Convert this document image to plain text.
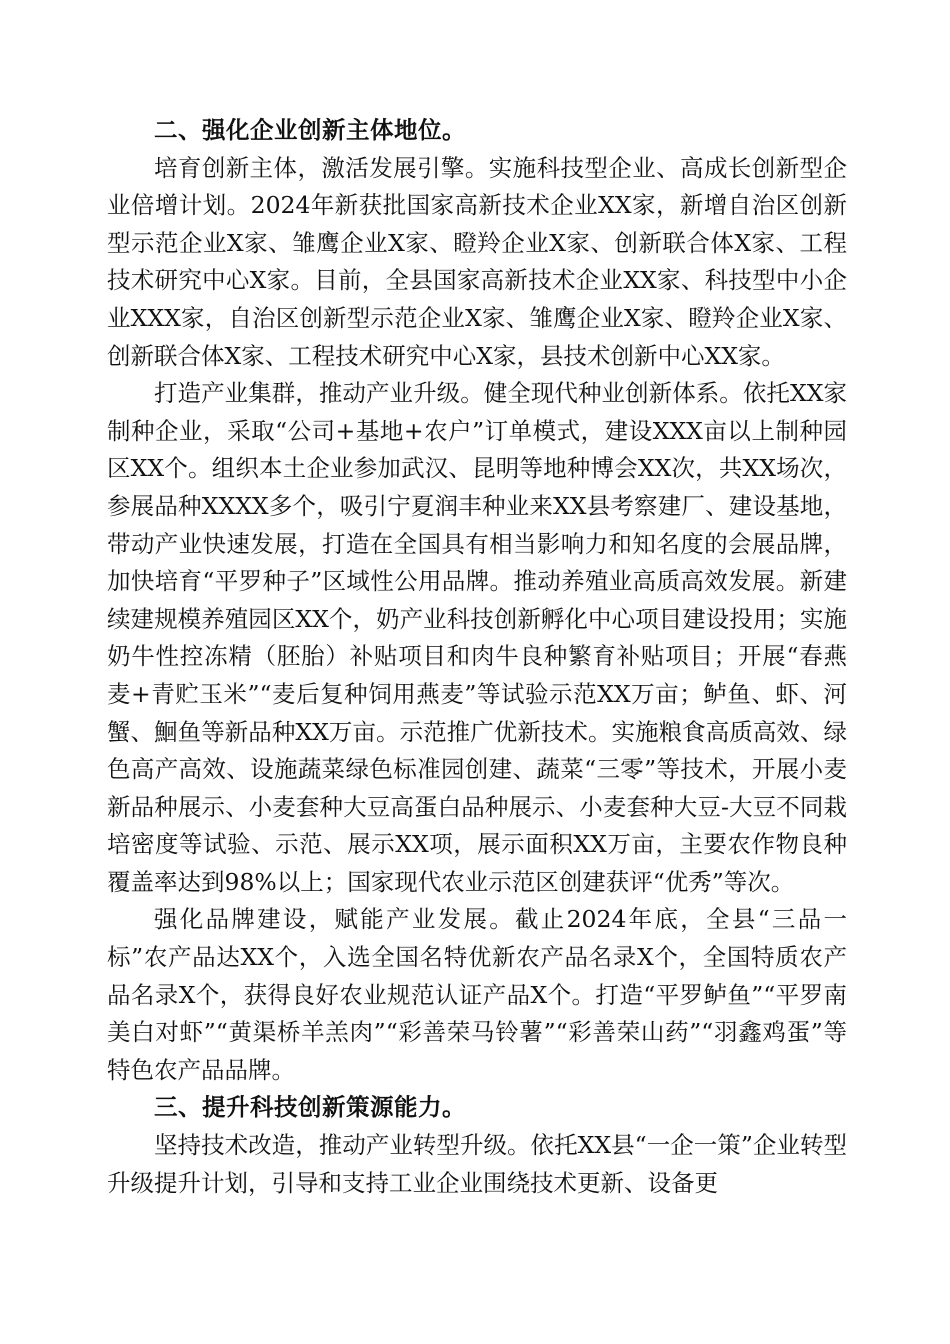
二、强化企业创新主体地位。

培育创新主体，激活发展引擎。实施科技型企业、高成长创新型企业倍增计划。2024年新获批国家高新技术企业XX家，新增自治区创新型示范企业X家、雏鹰企业X家、瞪羚企业X家、创新联合体X家、工程技术研究中心X家。目前，全县国家高新技术企业XX家、科技型中小企业XXX家，自治区创新型示范企业X家、雏鹰企业X家、瞪羚企业X家、创新联合体X家、工程技术研究中心X家，县技术创新中心XX家。

打造产业集群，推动产业升级。健全现代种业创新体系。依托XX家制种企业，采取“公司+基地+农户”订单模式，建设XXX亩以上制种园区XX个。组织本土企业参加武汉、昆明等地种博会XX次，共XX场次，参展品种XXXX多个，吸引宁夏润丰种业来XX县考察建厂、建设基地，带动产业快速发展，打造在全国具有相当影响力和知名度的会展品牌，加快培育“平罗种子”区域性公用品牌。推动养殖业高质高效发展。新建续建规模养殖园区XX个，奶产业科技创新孵化中心项目建设投用；实施奶牛性控冻精（胚胎）补贴项目和肉牛良种繁育补贴项目；开展“春燕麦+青贮玉米”“麦后复种饲用燕麦”等试验示范XX万亩；鲈鱼、虾、河蟹、鮰鱼等新品种XX万亩。示范推广优新技术。实施粮食高质高效、绿色高产高效、设施蔬菜绿色标准园创建、蔬菜“三零”等技术，开展小麦新品种展示、小麦套种大豆高蛋白品种展示、小麦套种大豆-大豆不同栽培密度等试验、示范、展示XX项，展示面积XX万亩，主要农作物良种覆盖率达到98%以上；国家现代农业示范区创建获评“优秀”等次。

强化品牌建设，赋能产业发展。截止2024年底，全县“三品一标”农产品达XX个，入选全国名特优新农产品名录X个，全国特质农产品名录X个，获得良好农业规范认证产品X个。打造“平罗鲈鱼”“平罗南美白对虾”“黄渠桥羊羔肉”“彩善荣马铃薯”“彩善荣山药”“羽鑫鸡蛋”等特色农产品品牌。

三、提升科技创新策源能力。

坚持技术改造，推动产业转型升级。依托XX县“一企一策”企业转型升级提升计划，引导和支持工业企业围绕技术更新、设备更
